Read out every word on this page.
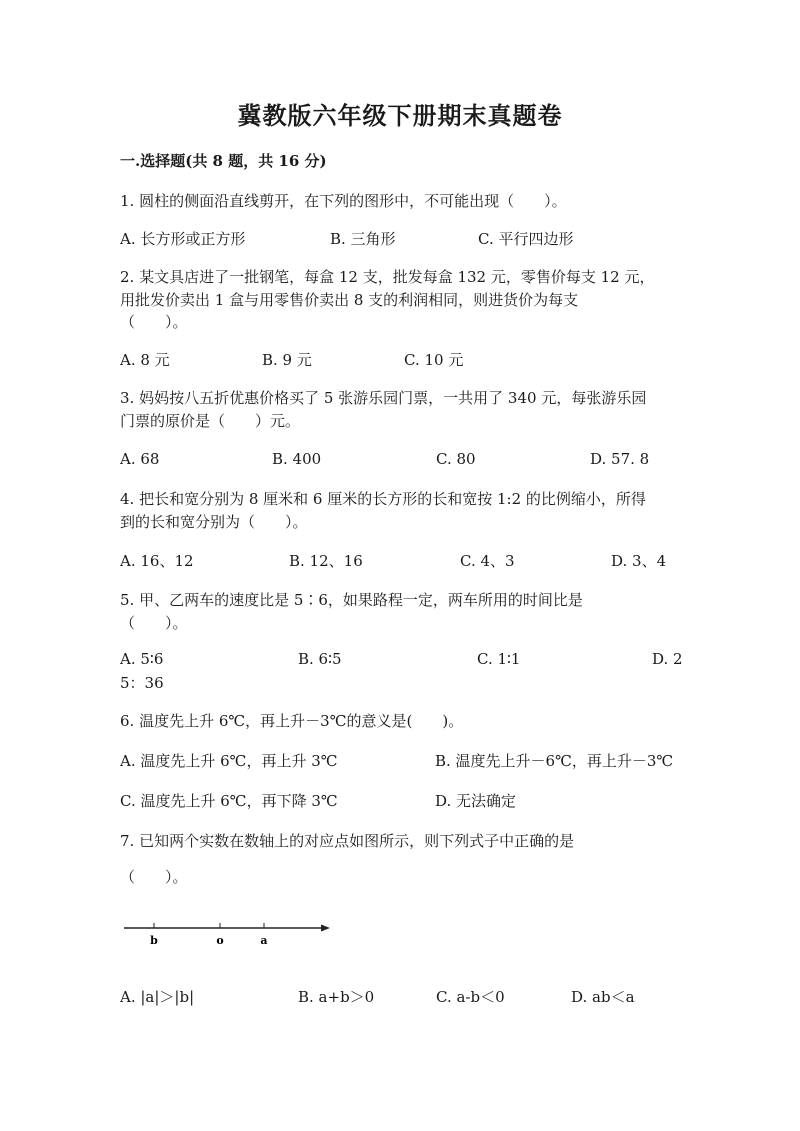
冀教版六年级下册期末真题卷
一.选择题(共 8 题，共 16 分)
1. 圆柱的侧面沿直线剪开，在下列的图形中，不可能出现（　　）。
A. 长方形或正方形	B. 三角形	C. 平行四边形
2. 某文具店进了一批钢笔，每盒 12 支，批发每盒 132 元，零售价每支 12 元，
用批发价卖出 1 盒与用零售价卖出 8 支的利润相同，则进货价为每支
（　　）。
A. 8 元	B. 9 元	C. 10 元
3. 妈妈按八五折优惠价格买了 5 张游乐园门票，一共用了 340 元，每张游乐园
门票的原价是（　　）元。
A. 68	B. 400	C. 80	D. 57. 8
4. 把长和宽分别为 8 厘米和 6 厘米的长方形的长和宽按 1:2 的比例缩小，所得
到的长和宽分别为（　　）。
A. 16、12	B. 12、16	C. 4、3	D. 3、4
5. 甲、乙两车的速度比是 5∶6，如果路程一定，两车所用的时间比是
（　　）。
A. 5∶6	B. 6∶5	C. 1∶1	D. 2
5：36
6. 温度先上升 6℃，再上升－3℃的意义是(　　)。
A. 温度先上升 6℃，再上升 3℃	B. 温度先上升－6℃，再上升－3℃
C. 温度先上升 6℃，再下降 3℃	D. 无法确定
7. 已知两个实数在数轴上的对应点如图所示，则下列式子中正确的是
（　　）。
b	o	a
A. |a|＞|b|	B. a+b＞0	C. a-b＜0	D. ab＜a
